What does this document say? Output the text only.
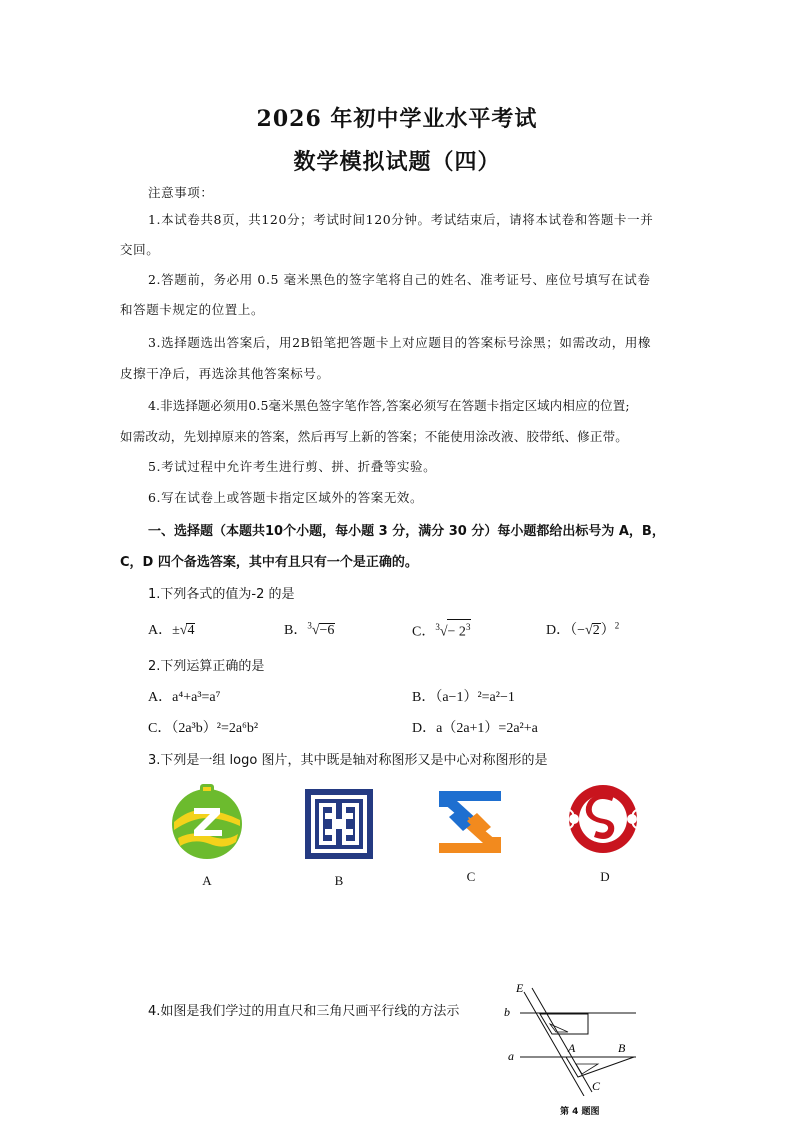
2026 年初中学业水平考试
数学模拟试题（四）
注意事项：
1.本试卷共8页，共120分；考试时间120分钟。考试结束后，请将本试卷和答题卡一并
交回。
2.答题前，务必用 0.5 毫米黑色的签字笔将自己的姓名、准考证号、座位号填写在试卷
和答题卡规定的位置上。
3.选择题选出答案后，用2B铅笔把答题卡上对应题目的答案标号涂黑；如需改动，用橡
皮擦干净后，再选涂其他答案标号。
4.非选择题必须用0.5毫米黑色签字笔作答,答案必须写在答题卡指定区域内相应的位置;
如需改动，先划掉原来的答案，然后再写上新的答案；不能使用涂改液、胶带纸、修正带。
5.考试过程中允许考生进行剪、拼、折叠等实验。
6.写在试卷上或答题卡指定区域外的答案无效。
一、选择题（本题共10个小题，每小题 3 分，满分 30 分）每小题都给出标号为 A，B，
C，D 四个备选答案，其中有且只有一个是正确的。
1.下列各式的值为-2 的是
A．±√4	B．$^3$√−6	C．$^3√- 2^3$	D．$(-√2)^2$
2.下列运算正确的是
A．a⁴+a³=a⁷	B．（a−1）²=a²−1
C．（2a³b）²=2a⁶b²	D．a（2a+1）=2a²+a
3.下列是一组 logo 图片，其中既是轴对称图形又是中心对称图形的是
A	B	C	D
4.如图是我们学过的用直尺和三角尺画平行线的方法示
E
b
a
A	B
C
第 4 题图
